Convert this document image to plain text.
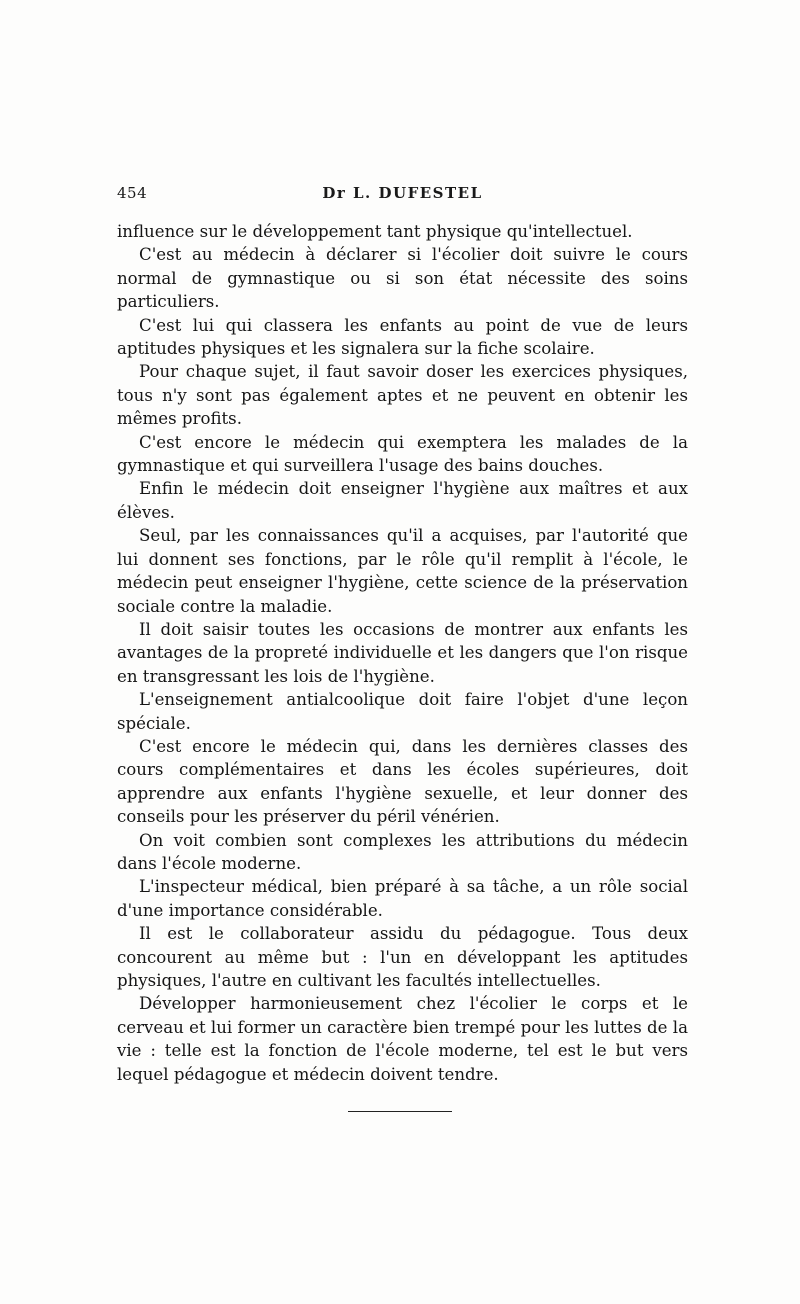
454	Dr L. DUFESTEL

influence sur le développement tant physique qu'intellectuel.

C'est au médecin à déclarer si l'écolier doit suivre le cours normal de gymnastique ou si son état nécessite des soins particuliers.

C'est lui qui classera les enfants au point de vue de leurs aptitudes physiques et les signalera sur la fiche scolaire.

Pour chaque sujet, il faut savoir doser les exercices physiques, tous n'y sont pas également aptes et ne peuvent en obtenir les mêmes profits.

C'est encore le médecin qui exemptera les malades de la gymnastique et qui surveillera l'usage des bains douches.

Enfin le médecin doit enseigner l'hygiène aux maîtres et aux élèves.

Seul, par les connaissances qu'il a acquises, par l'autorité que lui donnent ses fonctions, par le rôle qu'il remplit à l'école, le médecin peut enseigner l'hygiène, cette science de la préservation sociale contre la maladie.

Il doit saisir toutes les occasions de montrer aux enfants les avantages de la propreté individuelle et les dangers que l'on risque en transgressant les lois de l'hygiène.

L'enseignement antialcoolique doit faire l'objet d'une leçon spéciale.

C'est encore le médecin qui, dans les dernières classes des cours complémentaires et dans les écoles supérieures, doit apprendre aux enfants l'hygiène sexuelle, et leur donner des conseils pour les préserver du péril vénérien.

On voit combien sont complexes les attributions du médecin dans l'école moderne.

L'inspecteur médical, bien préparé à sa tâche, a un rôle social d'une importance considérable.

Il est le collaborateur assidu du pédagogue. Tous deux concourent au même but : l'un en développant les aptitudes physiques, l'autre en cultivant les facultés intellectuelles.

Développer harmonieusement chez l'écolier le corps et le cerveau et lui former un caractère bien trempé pour les luttes de la vie : telle est la fonction de l'école moderne, tel est le but vers lequel pédagogue et médecin doivent tendre.
